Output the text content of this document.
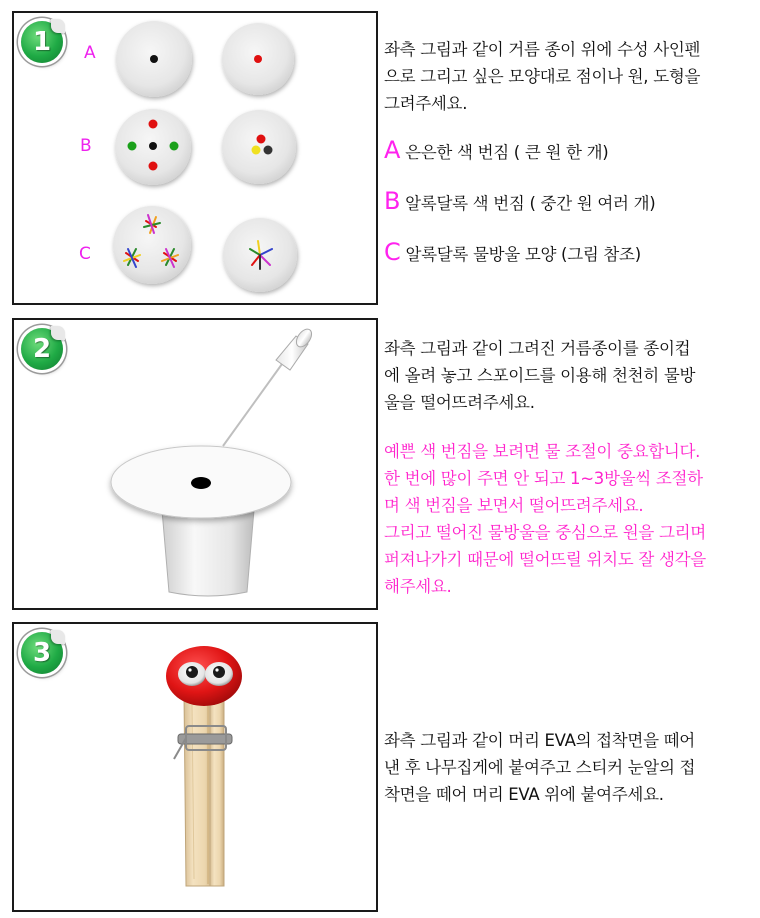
1	A
B
C

좌측 그림과 같이 거름 종이 위에 수성 사인펜
으로 그리고 싶은 모양대로 점이나 원, 도형을
그려주세요.

A 은은한 색 번짐 ( 큰 원 한 개)
B 알록달록 색 번짐 ( 중간 원 여러 개)
C 알록달록 물방울 모양 (그림 참조)
2	좌측 그림과 같이 그려진 거름종이를 종이컵
에 올려 놓고 스포이드를 이용해 천천히 물방
울을 떨어뜨려주세요.

예쁜 색 번짐을 보려면 물 조절이 중요합니다.
한 번에 많이 주면 안 되고 1~3방울씩 조절하
며 색 번짐을 보면서 떨어뜨려주세요.
그리고 떨어진 물방울을 중심으로 원을 그리며
퍼져나가기 때문에 떨어뜨릴 위치도 잘 생각을
해주세요.

3

좌측 그림과 같이 머리 EVA의 접착면을 떼어
낸 후 나무집게에 붙여주고 스티커 눈알의 접
착면을 떼어 머리 EVA 위에 붙여주세요.
